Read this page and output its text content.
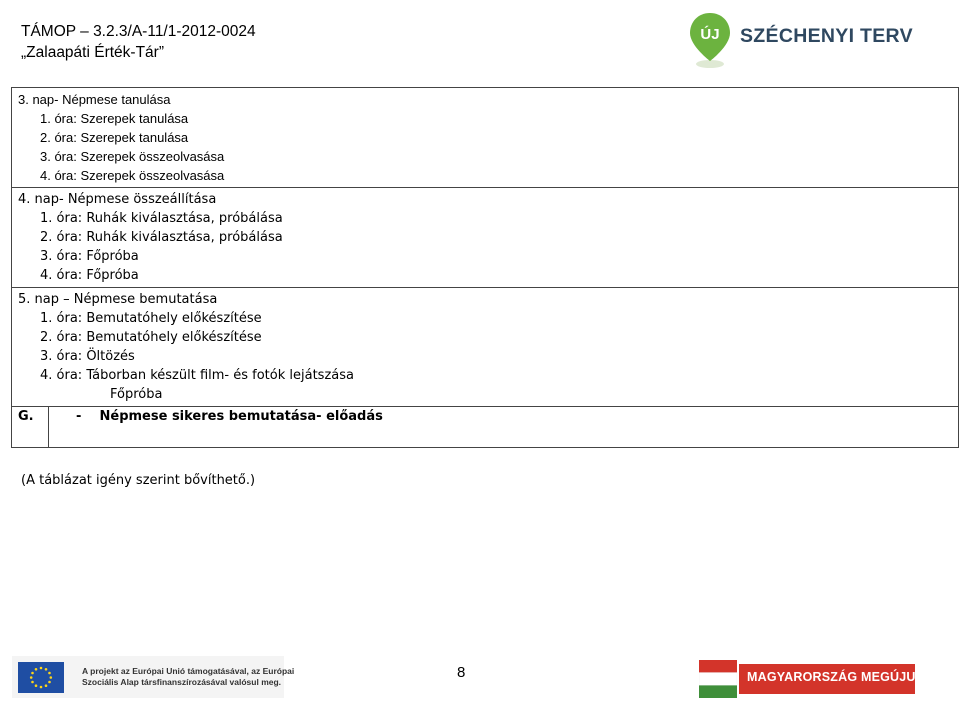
TÁMOP – 3.2.3/A-11/1-2012-0024
„Zalaapáti Érték-Tár”
ÚJ SZÉCHENYI TERV
3. nap- Népmese tanulása
1. óra: Szerepek tanulása
2. óra: Szerepek tanulása
3. óra: Szerepek összeolvasása
4. óra: Szerepek összeolvasása

4. nap- Népmese összeállítása
1. óra: Ruhák kiválasztása, próbálása
2. óra: Ruhák kiválasztása, próbálása
3. óra: Főpróba
4. óra: Főpróba

5. nap – Népmese bemutatása
1. óra: Bemutatóhely előkészítése
2. óra: Bemutatóhely előkészítése
3. óra: Öltözés
4. óra: Táborban készült film- és fotók lejátszása
Főpróba

G.	-    Népmese sikeres bemutatása- előadás
(A táblázat igény szerint bővíthető.)
A projekt az Európai Unió támogatásával, az Európai
Szociális Alap társfinanszírozásával valósul meg.
8	MAGYARORSZÁG MEGÚJUL
